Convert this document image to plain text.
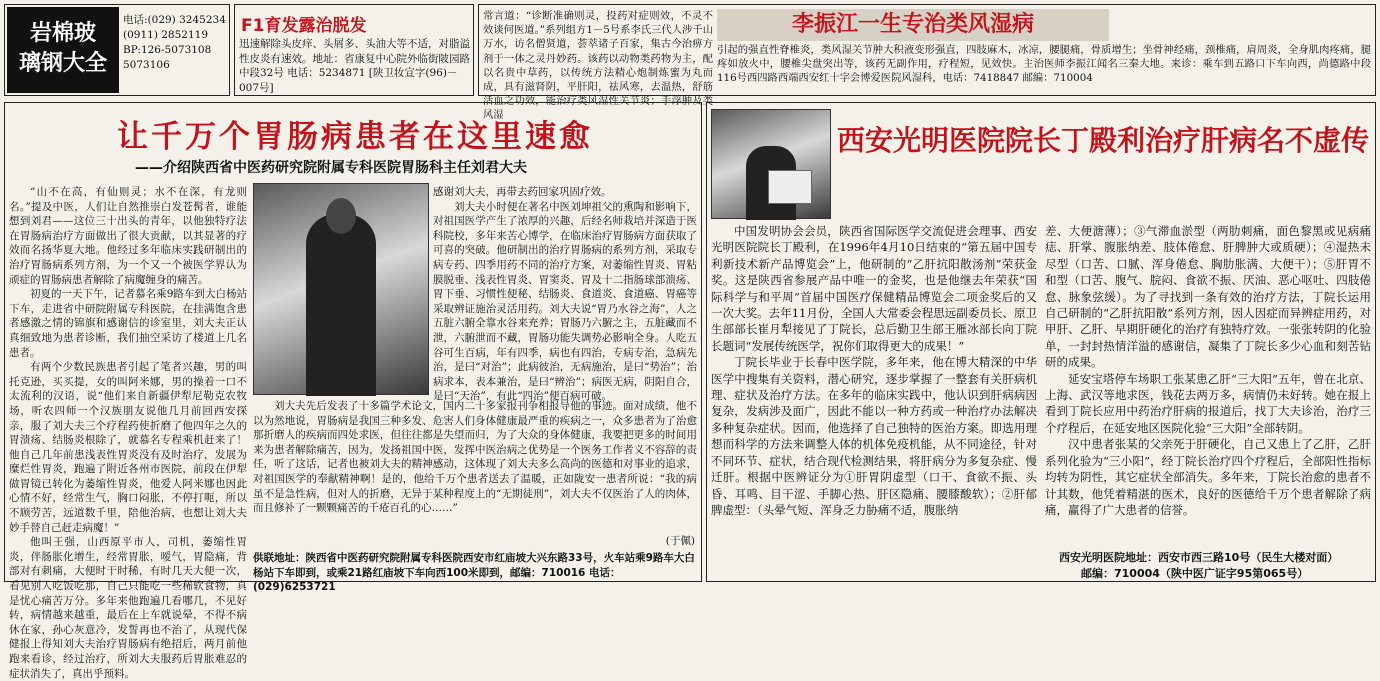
岩棉玻
璃钢大全
电话:(029) 3245234 (0911) 2852119 BP:126-5073108 5073106
F1育发露治脱发
迅速解除头皮痒、头屑多、头油大等不适，对脂溢性皮炎有速效。地址：省康复中心院外临街陂园路中段32号 电话：5234871 [陕卫妆宣字(96)－007号]
常言道：“诊断准确则灵，投药对症则效，不灵不效谈何医道。”系列组方1－5号系李氏三代人涉千山万水，访名僧贤道，荟萃诸子百家，集古今治痹方剂于一体之灵丹妙药。该药以动物类药物为主，配以名贵中草药，以传统方法精心炮制炼蜜为丸而成，具有滋肾阴，平肝阳，祛风寒，去温热，舒筋活血之功效，能治疗类风湿性关节炎；手浮肿及类风湿
李振江一生专治类风湿病
引起的强直性脊椎炎，类风湿关节肿大积液变形强直，四肢麻木，冰凉，腰腿痛，骨质增生；坐骨神经痛，颈椎痛，肩周炎，全身肌肉疼痛，腿疼如放火中，腰椎尖盘突出等，该药无副作用，疗程短，见效快。主治医师李振江闻名三秦大地。来诊：乘车到五路口下车向西，尚德路中段116号西四路西端西安红十字会博爱医院风湿科，电话：7418847 邮编：710004
让千万个胃肠病患者在这里速愈
——介绍陕西省中医药研究院附属专科医院胃肠科主任刘君大夫

“山不在高，有仙则灵；水不在深，有龙则名。”提及中医，人们让自然推崇白发苍髯者，谁能想到刘君——这位三十出头的青年，以他独特疗法在胃肠病治疗方面做出了很大贡献，以其显著的疗效而名扬华夏大地。他经过多年临床实践研制出的治疗胃肠病系列方剂，为一个又一个被医学界认为顽症的胃肠病患者解除了病魔缠身的痛苦。

初夏的一天下午，记者慕名乘9路车到大白杨站下车，走进省中研院附属专科医院，在挂满饱含患者感激之情的锦旗和感谢信的诊室里，刘大夫正认真细致地为患者诊断，我们抽空采访了楼道上几名患者。

有两个少数民族患者引起了笔者兴趣，男的叫托克逊，买买提，女的叫阿米娜，男的操着一口不太流利的汉语，说“他们来自新疆伊犁尼勒克农牧场，听农四师一个汉族朋友说他几月前回西安探亲，服了刘大夫三个疗程药使折磨了他四年之久的胃溃疡、结肠炎根除了，就慕名专程乘机赶来了！他自己几年前患浅表性胃炎没有及时治疗，发展为糜烂性胃炎，跑遍了附近各州市医院，前段在伊犁做胃镜已转化为萎缩性胃炎，他爱人阿米娜也因此心情不好，经常生气，胸口闷胀，不停打呃，所以不顾劳苦，远道数千里，陪他治病，也想让刘大夫妙手替自己赶走病魔！”

他叫王强，山西原平市人，司机，萎缩性胃炎，伴肠胀化增生，经常胃胀，嗳气，胃隐痛，背部对有刺痛，大便时干时稀，有时几天大便一次，看见别人吃饭吃那，自己只能吃一些稀软食物，真是忧心痛苦万分。多年来他跑遍几看哪几，不见好转，病情越来越重，最后在上车就说晕，不得不病休在家，孙心灰意冷，发誓再也不治了，从现代保健报上得知刘大夫治疗胃肠病有绝招后，两月前他跑来看诊，经过治疗，所刘大夫服药后胃胀难忍的症状消失了，真出乎预料。

感谢刘大夫，再带去药回家巩固疗效。

刘大夫小时便在著名中医刘坤祖父的熏陶和影响下，对祖国医学产生了浓厚的兴趣，后经名师栽培并深造于医科院校，多年来苦心博学，在临床治疗胃肠病方面获取了可喜的突破。他研制出的治疗胃肠病的系列方剂，采取专病专药、四季用药不同的治疗方案，对萎缩性胃炎、胃粘膜脱垂、浅表性胃炎、胃窦炎、胃及十二指肠球部溃疡、胃下垂、习惯性便秘、结肠炎、食道炎、食道癌、胃癌等采取辨证施治灵活用药。刘大夫说“胃乃水谷之海”，人之五脏六腑全靠水谷来充养；胃肠乃六腑之主，五脏藏而不泄，六腑泄而不藏，胃肠功能失调势必影响全身。人吃五谷可生百病，年有四季，病也有四治，专病专治，急病先治，是曰“对治”；此病彼治，无病施治，是曰“势治”；治病求本，表本兼治，是曰“辨治”；病医无病，阴阳自合，是曰“天治”，有此“四治”便百病可破。

刘大夫先后发表了十多篇学术论文，国内二十多家报刊争相报导他的事迹。面对成绩，他不以为然地说，胃肠病是我国三种多发、危害人们身体健康最严重的疾病之一，众多患者为了治愈那折磨人的疾病而四处求医，但往往都是失望而归，为了大众的身体健康，我要把更多的时间用来为患者解除痛苦，因为，发扬祖国中医，发挥中医治病之优势是一个医务工作者义不容辞的责任，听了这话，记者也被刘大夫的精神感动，这体现了刘大夫多么高尚的医德和对事业的追求，对祖国医学的奉献精神啊！是的，他给千万个患者送去了温暖，正如陇安一患者所说：“我的病虽不是急性病，但对人的折磨，无异于某种程度上的“无期徒刑”，刘大夫不仅医治了人的肉体，而且修补了一颗颗痛苦的千疮百孔的心……”

(于佩)
供联地址：陕西省中医药研究院附属专科医院西安市红庙坡大兴东路33号，火车站乘9路车大白杨站下车即到，或乘21路红庙坡下车向西100米即到，邮编：710016 电话：(029)6253721
西安光明医院院长丁殿利治疗肝病名不虚传

中国发明协会会员，陕西省国际医学交流促进会理事、西安光明医院院长丁殿利，在1996年4月10日结束的“第五届中国专利新技术新产品博览会”上，他研制的“乙肝抗阳散汤剂”荣获金奖。这是陕西省参展产品中唯一的金奖，也是他继去年荣获“国际科学与和平周”首届中国医疗保健精品博览会二项金奖后的又一次大奖。去年11月份，全国人大常委会程思远副委员长、原卫生部部长崔月犁接见了丁院长，总后勤卫生部王雁冰部长向丁院长题词“发展传统医学，祝你们取得更大的成果！”

丁院长毕业于长春中医学院，多年来，他在博大精深的中华医学中搜集有关资料，潜心研究，逐步掌握了一整套有关肝病机理、症状及治疗方法。在多年的临床实践中，他认识到肝病病因复杂，发病涉及面广，因此不能以一种方药或一种治疗办法解决多种复杂症状。因而，他选择了自己独特的医治方案。即选用理想而科学的方法来调整人体的机体免疫机能，从不同途径，针对不同环节、症状，结合现代检测结果，将肝病分为多复杂症、慢迁肝。根据中医辨证分为①肝胃阴虚型（口干、食欲不振、头昏、耳鸣、目干涩、手脚心热、肝区隐痛、腰膝酸软）；②肝郁脾虚型：（头晕气短、浑身乏力胁痛不适，腹胀纳

差、大便溏薄）；③气滞血淤型（两肋刺痛，面色黎黑或见病痛痣、肝掌、腹胀纳差、肢体倦怠、肝脾肿大或质硬）；④湿热未尽型（口苦、口腻、浑身倦怠、胸肋胀满、大便干）；⑤肝胃不和型（口苦、腹气、脘闷、食欲不振、厌油、恶心呕吐、四肢倦怠、脉象弦缓）。为了寻找到一条有效的治疗方法，丁院长运用自己研制的“乙肝抗阳散”系列方剂，因人因症而异辨症用药，对甲肝、乙肝、早期肝硬化的治疗有独特疗效。一张张转阴的化验单，一封封热情洋溢的感谢信，凝集了丁院长多少心血和刻苦钻研的成果。

延安宝塔停车场职工张某患乙肝“三大阳”五年，曾在北京、上海、武汉等地求医，钱花去两万多，病情仍未好转。她在报上看到丁院长应用中药治疗肝病的报道后，找丁大夫诊治，治疗三个疗程后，在延安地区医院化验“三大阳”全部转阴。

汉中患者张某的父亲死于肝硬化，自己又患上了乙肝，乙肝系列化验为“三小阳”，经丁院长治疗四个疗程后，全部阳性指标均转为阴性，其它症状全部消失。多年来，丁院长治愈的患者不计其数，他凭着精湛的医术，良好的医德给千万个患者解除了病痛，赢得了广大患者的信誉。

西安光明医院地址：西安市西三路10号（民生大楼对面）
邮编：710004（陕中医广证字95第065号）
